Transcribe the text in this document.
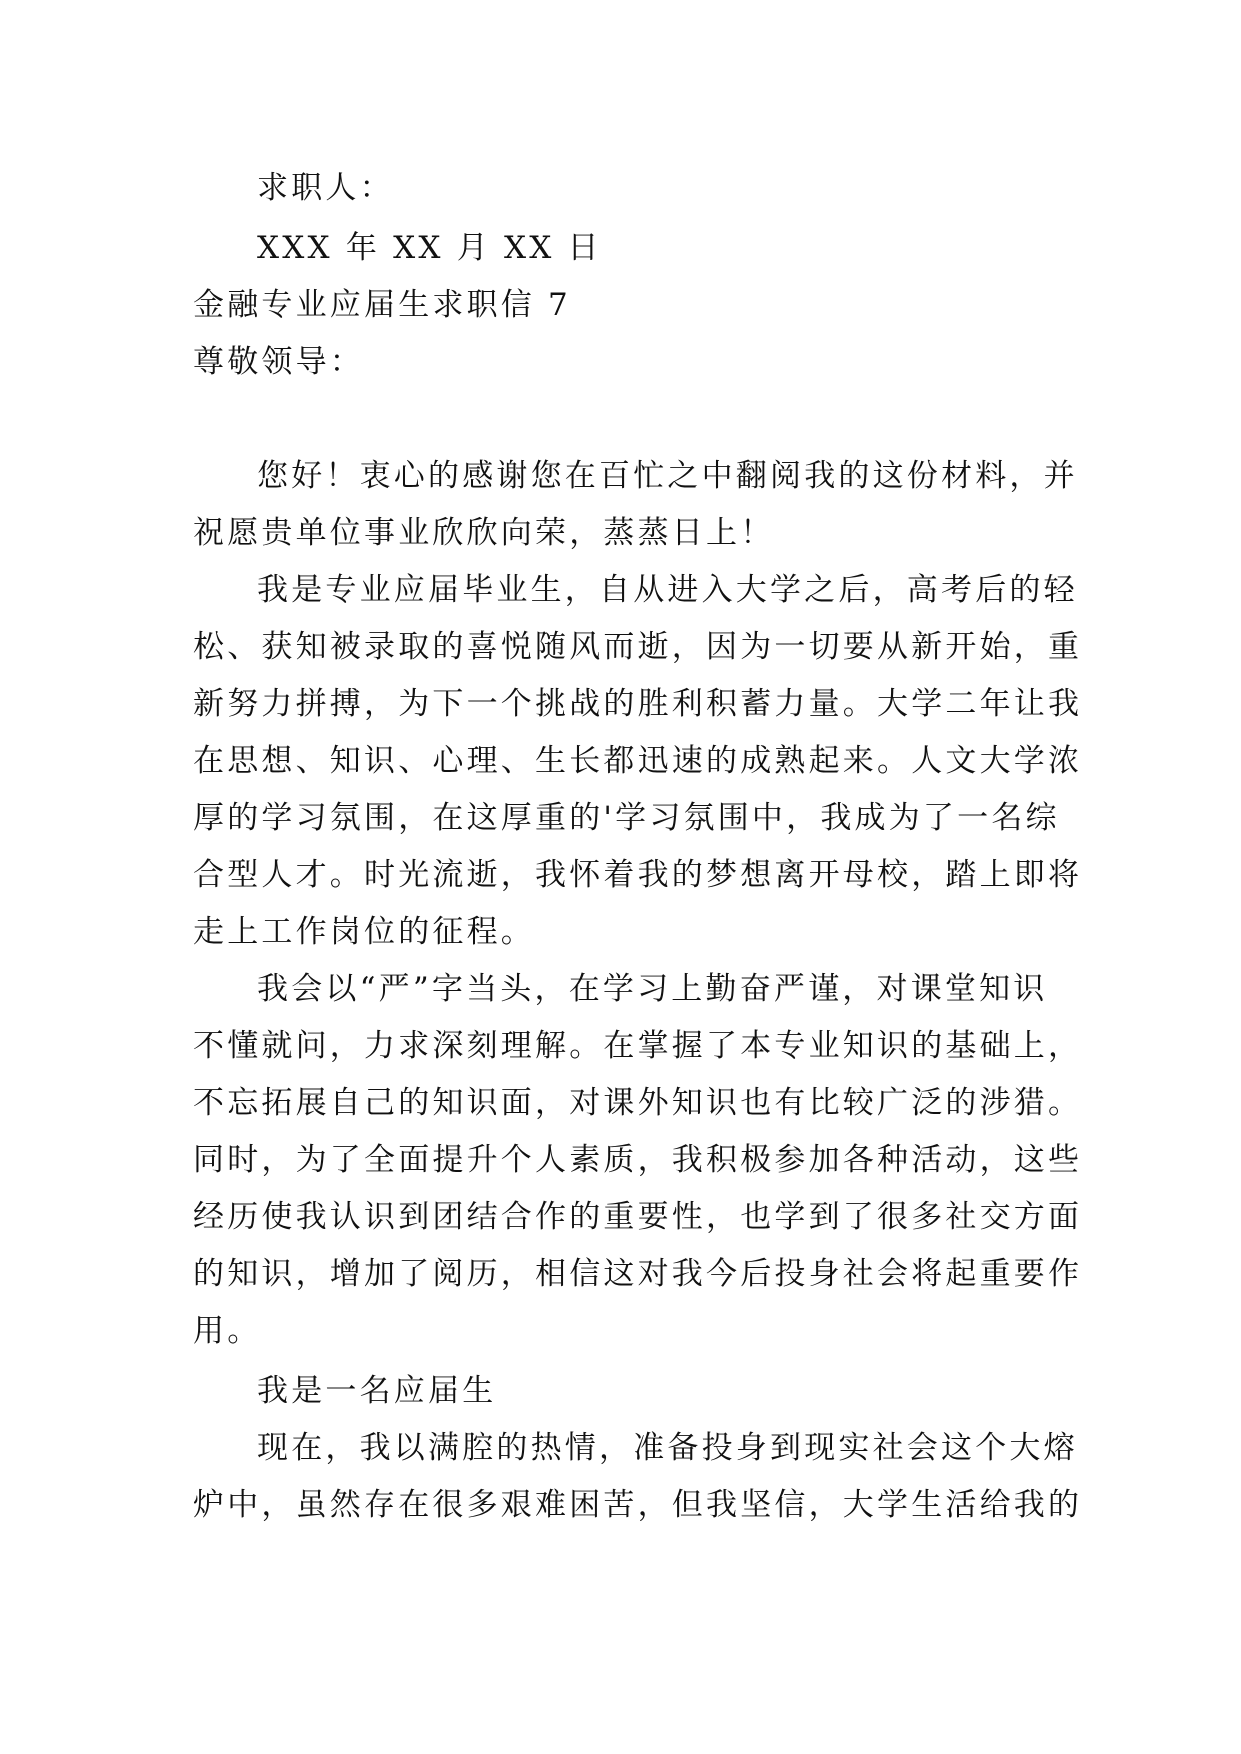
求职人：
XXX 年 XX 月 XX 日
金融专业应届生求职信 7
尊敬领导：
您好！衷心的感谢您在百忙之中翻阅我的这份材料，并
祝愿贵单位事业欣欣向荣，蒸蒸日上！
我是专业应届毕业生，自从进入大学之后，高考后的轻
松、获知被录取的喜悦随风而逝，因为一切要从新开始，重
新努力拼搏，为下一个挑战的胜利积蓄力量。大学二年让我
在思想、知识、心理、生长都迅速的成熟起来。人文大学浓
厚的学习氛围，在这厚重的'学习氛围中，我成为了一名综
合型人才。时光流逝，我怀着我的梦想离开母校，踏上即将
走上工作岗位的征程。
我会以“严”字当头，在学习上勤奋严谨，对课堂知识
不懂就问，力求深刻理解。在掌握了本专业知识的基础上，
不忘拓展自己的知识面，对课外知识也有比较广泛的涉猎。
同时，为了全面提升个人素质，我积极参加各种活动，这些
经历使我认识到团结合作的重要性，也学到了很多社交方面
的知识，增加了阅历，相信这对我今后投身社会将起重要作
用。
我是一名应届生
现在，我以满腔的热情，准备投身到现实社会这个大熔
炉中，虽然存在很多艰难困苦，但我坚信，大学生活给我的
